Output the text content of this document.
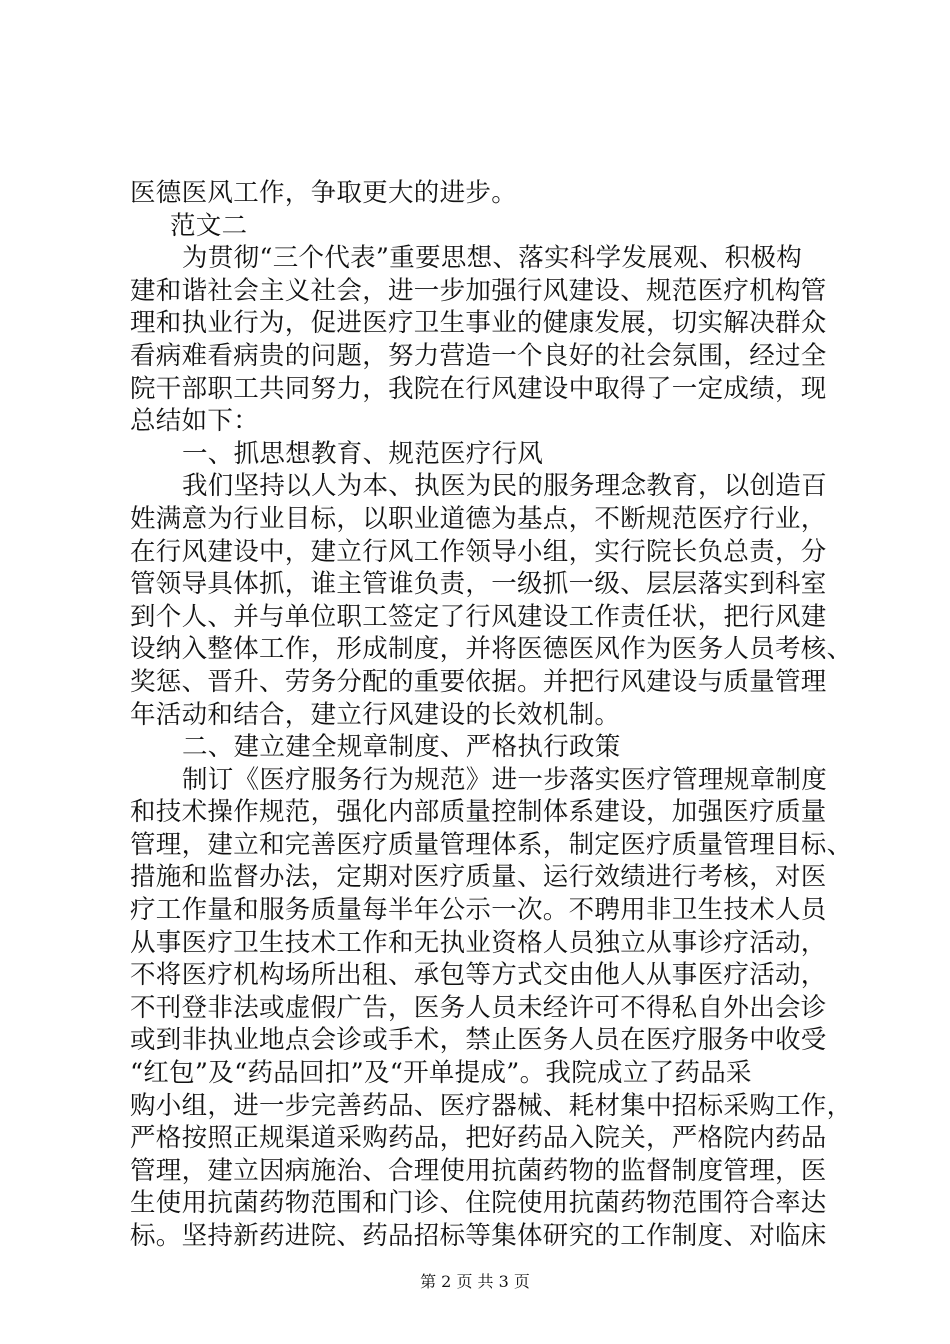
医德医风工作，争取更大的进步。
范文二
为贯彻“三个代表”重要思想、落实科学发展观、积极构
建和谐社会主义社会，进一步加强行风建设、规范医疗机构管
理和执业行为，促进医疗卫生事业的健康发展，切实解决群众
看病难看病贵的问题，努力营造一个良好的社会氛围，经过全
院干部职工共同努力，我院在行风建设中取得了一定成绩，现
总结如下：
一、抓思想教育、规范医疗行风
我们坚持以人为本、执医为民的服务理念教育，以创造百
姓满意为行业目标，以职业道德为基点，不断规范医疗行业，
在行风建设中，建立行风工作领导小组，实行院长负总责，分
管领导具体抓，谁主管谁负责，一级抓一级、层层落实到科室
到个人、并与单位职工签定了行风建设工作责任状，把行风建
设纳入整体工作，形成制度，并将医德医风作为医务人员考核、
奖惩、晋升、劳务分配的重要依据。并把行风建设与质量管理
年活动和结合，建立行风建设的长效机制。
二、建立建全规章制度、严格执行政策
制订《医疗服务行为规范》进一步落实医疗管理规章制度
和技术操作规范，强化内部质量控制体系建设，加强医疗质量
管理，建立和完善医疗质量管理体系，制定医疗质量管理目标、
措施和监督办法，定期对医疗质量、运行效绩进行考核，对医
疗工作量和服务质量每半年公示一次。不聘用非卫生技术人员
从事医疗卫生技术工作和无执业资格人员独立从事诊疗活动，
不将医疗机构场所出租、承包等方式交由他人从事医疗活动，
不刊登非法或虚假广告，医务人员未经许可不得私自外出会诊
或到非执业地点会诊或手术，禁止医务人员在医疗服务中收受
“红包”及“药品回扣”及“开单提成”。我院成立了药品采
购小组，进一步完善药品、医疗器械、耗材集中招标采购工作，
严格按照正规渠道采购药品，把好药品入院关，严格院内药品
管理，建立因病施治、合理使用抗菌药物的监督制度管理，医
生使用抗菌药物范围和门诊、住院使用抗菌药物范围符合率达
标。坚持新药进院、药品招标等集体研究的工作制度、对临床
第 2 页 共 3 页
